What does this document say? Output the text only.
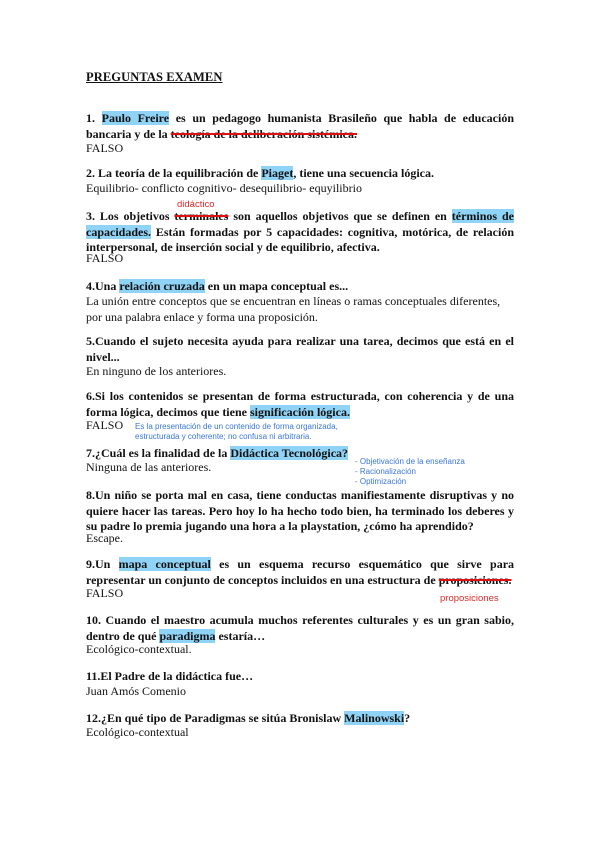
PREGUNTAS EXAMEN
1. Paulo Freire es un pedagogo humanista Brasileño que habla de educación bancaria y de la teología de la deliberación sistémica.
FALSO
2. La teoría de la equilibración de Piaget, tiene una secuencia lógica.
Equilibrio- conflicto cognitivo- desequilibrio- equyilibrio
didáctico
3. Los objetivos terminales son aquellos objetivos que se definen en términos de capacidades. Están formadas por 5 capacidades: cognitiva, motórica, de relación interpersonal, de inserción social y de equilibrio, afectiva.
FALSO
4.Una relación cruzada en un mapa conceptual es...
La unión entre conceptos que se encuentran en líneas o ramas conceptuales diferentes, por una palabra enlace y forma una proposición.
5.Cuando el sujeto necesita ayuda para realizar una tarea, decimos que está en el nivel...
En ninguno de los anteriores.
6.Si los contenidos se presentan de forma estructurada, con coherencia y de una forma lógica, decimos que tiene significación lógica.
FALSO	Es la presentación de un contenido de forma organizada,
estructurada y coherente; no confusa ni arbitraria.
7.¿Cuál es la finalidad de la Didáctica Tecnológica?
Ninguna de las anteriores.	- Objetivación de la enseñanza
- Racionalización
- Optimización
8.Un niño se porta mal en casa, tiene conductas manifiestamente disruptivas y no quiere hacer las tareas. Pero hoy lo ha hecho todo bien, ha terminado los deberes y su padre lo premia jugando una hora a la playstation, ¿cómo ha aprendido?
Escape.
9.Un mapa conceptual es un esquema recurso esquemático que sirve para representar un conjunto de conceptos incluidos en una estructura de proposiciones.
FALSO	proposiciones
10. Cuando el maestro acumula muchos referentes culturales y es un gran sabio, dentro de qué paradigma estaría…
Ecológico-contextual.
11.El Padre de la didáctica fue…
Juan Amós Comenio
12.¿En qué tipo de Paradigmas se sitúa Bronislaw Malinowski?
Ecológico-contextual
